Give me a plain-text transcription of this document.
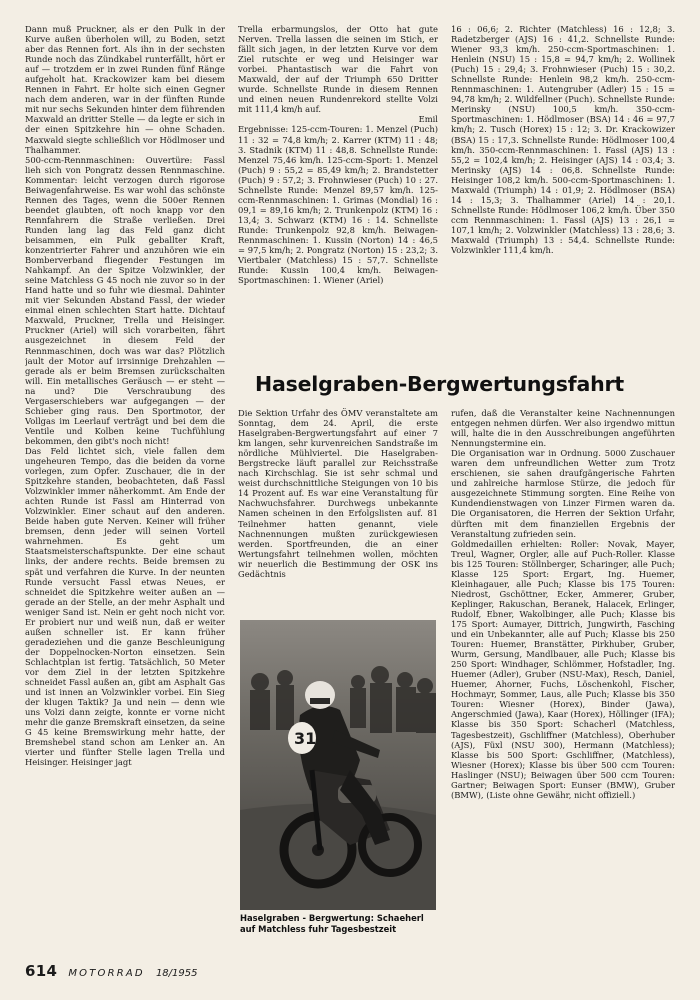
Dann muß Pruckner, als er den Pulk in der Kurve außen überholen will, zu Boden, setzt aber das Rennen fort. Als ihn in der sechsten Runde noch das Zündkabel runterfällt, hört er auf — trotzdem er in zwei Runden fünf Ränge aufgeholt hat. Krackowizer kam bei diesem Rennen in Fahrt. Er holte sich einen Gegner nach dem anderen, war in der fünften Runde mit nur sechs Sekunden hinter dem führenden Maxwald an dritter Stelle — da legte er sich in der einen Spitzkehre hin — ohne Schaden. Maxwald siegte schließlich vor Hödlmoser und Thalhammer.

500-ccm-Rennmaschinen: Ouvertüre: Fassl lieh sich von Pongratz dessen Rennmaschine. Kommentar: leicht verzogen durch rigorose Beiwagenfahrweise. Es war wohl das schönste Rennen des Tages, wenn die 500er Rennen beendet glaubten, oft noch knapp vor den Rennfahrern die Straße verließen. Drei Runden lang lag das Feld ganz dicht beisammen, ein Pulk geballter Kraft, konzentrierter Fahrer und anzuhören wie ein Bomberverband fliegender Festungen im Nahkampf. An der Spitze Volzwinkler, der seine Matchless G 45 noch nie zuvor so in der Hand hatte und so fuhr wie diesmal. Dahinter mit vier Sekunden Abstand Fassl, der wieder einmal einen schlechten Start hatte. Dichtauf Maxwald, Pruckner, Trella und Heisinger. Pruckner (Ariel) will sich vorarbeiten, fährt ausgezeichnet in diesem Feld der Rennmaschinen, doch was war das? Plötzlich jault der Motor auf irrsinnige Drehzahlen — gerade als er beim Bremsen zurückschalten will. Ein metallisches Geräusch — er steht — na und? Die Verschraubung des Vergaserschiebers war aufgegangen — der Schieber ging raus. Den Sportmotor, der Vollgas im Leerlauf verträgt und bei dem die Ventile und Kolben keine Tuchfühlung bekommen, den gibt's noch nicht!

Das Feld lichtet sich, viele fallen dem ungeheuren Tempo, das die beiden da vorne vorlegen, zum Opfer. Zuschauer, die in der Spitzkehre standen, beobachteten, daß Fassl Volzwinkler immer näherkommt. Am Ende der achten Runde ist Fassl am Hinterrad von Volzwinkler. Einer schaut auf den anderen. Beide haben gute Nerven. Keiner will früher bremsen, denn jeder will seinen Vorteil wahrnehmen. Es geht um Staatsmeisterschaftspunkte. Der eine schaut links, der andere rechts. Beide bremsen zu spät und verfahren die Kurve. In der neunten Runde versucht Fassl etwas Neues, er schneidet die Spitzkehre weiter außen an — gerade an der Stelle, an der mehr Asphalt und weniger Sand ist. Nein er geht noch nicht vor. Er probiert nur und weiß nun, daß er weiter außen schneller ist. Er kann früher geradeziehen und die ganze Beschleunigung der Doppelnocken-Norton einsetzen. Sein Schlachtplan ist fertig. Tatsächlich, 50 Meter vor dem Ziel in der letzten Spitzkehre schneidet Fassl außen an, gibt am Asphalt Gas und ist innen an Volzwinkler vorbei. Ein Sieg der klugen Taktik? Ja und nein — denn wie uns Volzi dann zeigte, konnte er vorne nicht mehr die ganze Bremskraft einsetzen, da seine G 45 keine Bremswirkung mehr hatte, der Bremshebel stand schon am Lenker an. An vierter und fünfter Stelle lagen Trella und Heisinger. Heisinger jagt

Trella erbarmungslos, der Otto hat gute Nerven. Trella lassen die seinen im Stich, er fällt sich jagen, in der letzten Kurve vor dem Ziel rutschte er weg und Heisinger war vorbei. Phantastisch war die Fahrt von Maxwald, der auf der Triumph 650 Dritter wurde. Schnellste Runde in diesem Rennen und einen neuen Rundenrekord stellte Volzi mit 111,4 km/h auf.

Emil

Ergebnisse: 125-ccm-Touren: 1. Menzel (Puch) 11 : 32 = 74,8 km/h; 2. Karrer (KTM) 11 : 48; 3. Stadnik (KTM) 11 : 48,8. Schnellste Runde: Menzel 75,46 km/h. 125-ccm-Sport: 1. Menzel (Puch) 9 : 55,2 = 85,49 km/h; 2. Brandstetter (Puch) 9 : 57,2; 3. Frohnwieser (Puch) 10 : 27. Schnellste Runde: Menzel 89,57 km/h. 125-ccm-Rennmaschinen: 1. Grimas (Mondial) 16 : 09,1 = 89,16 km/h; 2. Trunkenpolz (KTM) 16 : 13,4; 3. Schwarz (KTM) 16 : 14. Schnellste Runde: Trunkenpolz 92,8 km/h. Beiwagen-Rennmaschinen: 1. Kussin (Norton) 14 : 46,5 = 97,5 km/h; 2. Pongratz (Norton) 15 : 23,2; 3. Viertbaler (Matchless) 15 : 57,7. Schnellste Runde: Kussin 100,4 km/h. Beiwagen-Sportmaschinen: 1. Wiener (Ariel)

16 : 06,6; 2. Richter (Matchless) 16 : 12,8; 3. Radetzberger (AJS) 16 : 41,2. Schnellste Runde: Wiener 93,3 km/h. 250-ccm-Sportmaschinen: 1. Henlein (NSU) 15 : 15,8 = 94,7 km/h; 2. Wollinek (Puch) 15 : 29,4; 3. Frohnwieser (Puch) 15 : 30,2. Schnellste Runde: Henlein 98,2 km/h. 250-ccm-Rennmaschinen: 1. Autengruber (Adler) 15 : 15 = 94,78 km/h; 2. Wildfellner (Puch). Schnellste Runde: Merinsky (NSU) 100,5 km/h. 350-ccm-Sportmaschinen: 1. Hödlmoser (BSA) 14 : 46 = 97,7 km/h; 2. Tusch (Horex) 15 : 12; 3. Dr. Krackowizer (BSA) 15 : 17,3. Schnellste Runde: Hödlmoser 100,4 km/h. 350-ccm-Rennmaschinen: 1. Fassl (AJS) 13 : 55,2 = 102,4 km/h; 2. Heisinger (AJS) 14 : 03,4; 3. Merinsky (AJS) 14 : 06,8. Schnellste Runde: Heisinger 108,2 km/h. 500-ccm-Sportmaschinen: 1. Maxwald (Triumph) 14 : 01,9; 2. Hödlmoser (BSA) 14 : 15,3; 3. Thalhammer (Ariel) 14 : 20,1. Schnellste Runde: Hödlmoser 106,2 km/h. Über 350 ccm Rennmaschinen: 1. Fassl (AJS) 13 : 26,1 = 107,1 km/h; 2. Volzwinkler (Matchless) 13 : 28,6; 3. Maxwald (Triumph) 13 : 54,4. Schnellste Runde: Volzwinkler 111,4 km/h.

Haselgraben-Bergwertungsfahrt

Die Sektion Urfahr des ÖMV veranstaltete am Sonntag, dem 24. April, die erste Haselgraben-Bergwertungsfahrt auf einer 7 km langen, sehr kurvenreichen Sandstraße im nördliche Mühlviertel. Die Haselgraben-Bergstrecke läuft parallel zur Reichsstraße nach Kirchschlag. Sie ist sehr schmal und weist durchschnittliche Steigungen von 10 bis 14 Prozent auf. Es war eine Veranstaltung für Nachwuchsfahrer. Durchwegs unbekannte Namen scheinen in den Erfolgslisten auf. 81 Teilnehmer hatten genannt, viele Nachnennungen mußten zurückgewiesen werden. Sportfreunden, die an einer Wertungsfahrt teilnehmen wollen, möchten wir neuerlich die Bestimmung der OSK ins Gedächtnis

rufen, daß die Veranstalter keine Nachnennungen entgegen nehmen dürfen. Wer also irgendwo mittun will, halte die in den Ausschreibungen angeführten Nennungstermine ein.

Die Organisation war in Ordnung. 5000 Zuschauer waren dem unfreundlichen Wetter zum Trotz erschienen, sie sahen draufgängerische Fahrten und zahlreiche harmlose Stürze, die jedoch für ausgezeichnete Stimmung sorgten. Eine Reihe von Kundendienstwagen von Linzer Firmen waren da. Die Organisatoren, die Herren der Sektion Urfahr, dürften mit dem finanziellen Ergebnis der Veranstaltung zufrieden sein.

Goldmedaillen erhielten: Roller: Novak, Mayer, Treul, Wagner, Orgler, alle auf Puch-Roller. Klasse bis 125 Touren: Stöllnberger, Scharinger, alle Puch; Klasse 125 Sport: Ergart, Ing. Huemer, Kleinhagauer, alle Puch; Klasse bis 175 Touren: Niedrost, Gschöttner, Ecker, Ammerer, Gruber, Keplinger, Rakuschan, Beranek, Halacek, Erlinger, Rudolf, Ebner, Wakolbinger, alle Puch; Klasse bis 175 Sport: Aumayer, Dittrich, Jungwirth, Fasching und ein Unbekannter, alle auf Puch; Klasse bis 250 Touren: Huemer, Branstätter, Pirkhuber, Gruber, Wurm, Gersung, Mandlbauer, alle Puch; Klasse bis 250 Sport: Windhager, Schlömmer, Hofstadler, Ing. Huemer (Adler), Gruber (NSU-Max), Resch, Daniel, Huemer, Ahorner, Fuchs, Löschenkohl, Fischer, Hochmayr, Sommer, Laus, alle Puch; Klasse bis 350 Touren: Wiesner (Horex), Binder (Jawa), Angerschmied (Jawa), Kaar (Horex), Höllinger (IFA); Klasse bis 350 Sport: Schacherl (Matchless, Tagesbestzeit), Gschliffner (Matchless), Oberhuber (AJS), Füxl (NSU 300), Hermann (Matchless); Klasse bis 500 Sport: Gschliffner, (Matchless), Wiesner (Horex); Klasse bis über 500 ccm Touren: Haslinger (NSU); Beiwagen über 500 ccm Touren: Gartner; Beiwagen Sport: Eunser (BMW), Gruber (BMW), (Liste ohne Gewähr, nicht offiziell.)

31
Haselgraben - Bergwertung: Schaeherl auf Matchless fuhr Tagesbestzeit
614 MOTORRAD 18/1955
